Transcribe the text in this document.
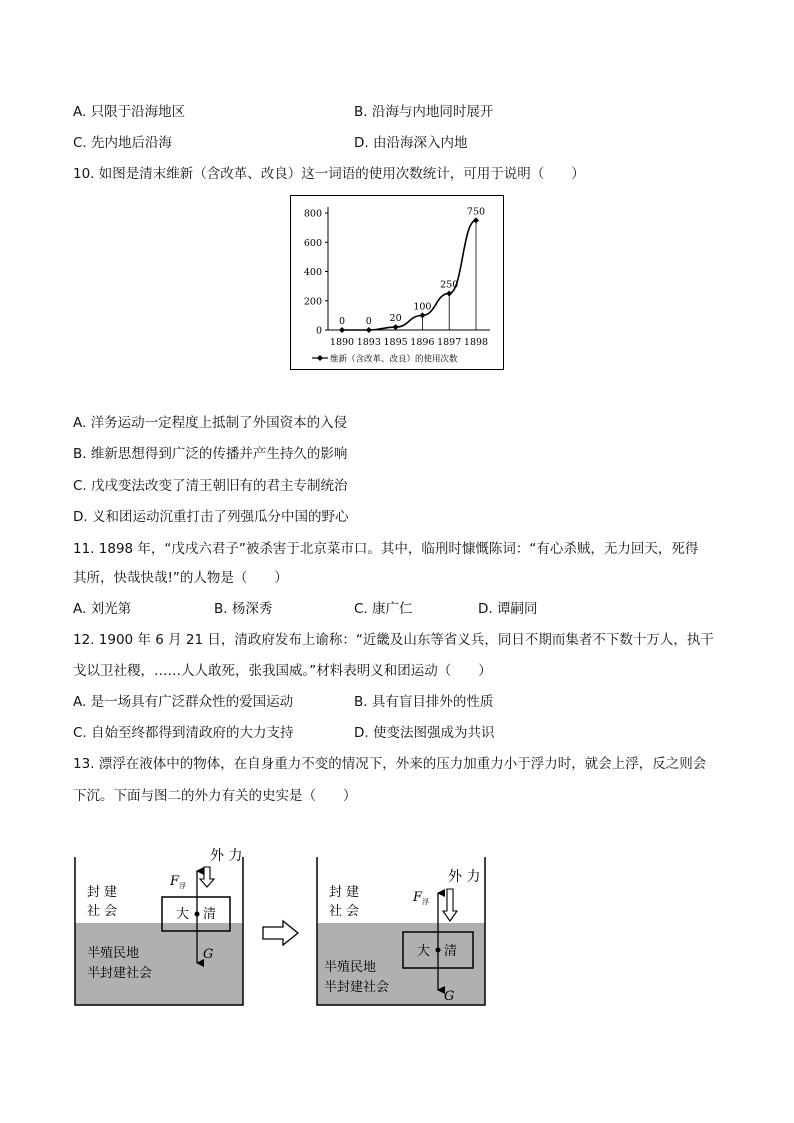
A. 只限于沿海地区	B. 沿海与内地同时展开
C. 先内地后沿海	D. 由沿海深入内地
10. 如图是清末维新（含改革、改良）这一词语的使用次数统计，可用于说明（　　）
0
200
400
600
800
1890 1893 1895 1896 1897 1898
0 0 20
100
250
750
维新（含改革、改良）的使用次数
A. 洋务运动一定程度上抵制了外国资本的入侵
B. 维新思想得到广泛的传播并产生持久的影响
C. 戊戌变法改变了清王朝旧有的君主专制统治
D. 义和团运动沉重打击了列强瓜分中国的野心
11. 1898 年，“戊戌六君子”被杀害于北京菜市口。其中，临刑时慷慨陈词：“有心杀贼，无力回天，死得
其所，快哉快哉!”的人物是（　　）
A. 刘光第	B. 杨深秀	C. 康广仁	D. 谭嗣同
12. 1900 年 6 月 21 日，清政府发布上谕称：“近畿及山东等省义兵，同日不期而集者不下数十万人，执干
戈以卫社稷，……人人敢死，张我国威。”材料表明义和团运动（　　）
A. 是一场具有广泛群众性的爱国运动	B. 具有盲目排外的性质
C. 自始至终都得到清政府的大力支持	D. 使变法图强成为共识
13. 漂浮在液体中的物体，在自身重力不变的情况下，外来的压力加重力小于浮力时，就会上浮，反之则会
下沉。下面与图二的外力有关的史实是（　　）
外 力
F 浮
G
大 清
封 建
社 会
半殖民地
半封建社会
外 力
F 浮
G
大 清
封 建
社 会
半殖民地
半封建社会
